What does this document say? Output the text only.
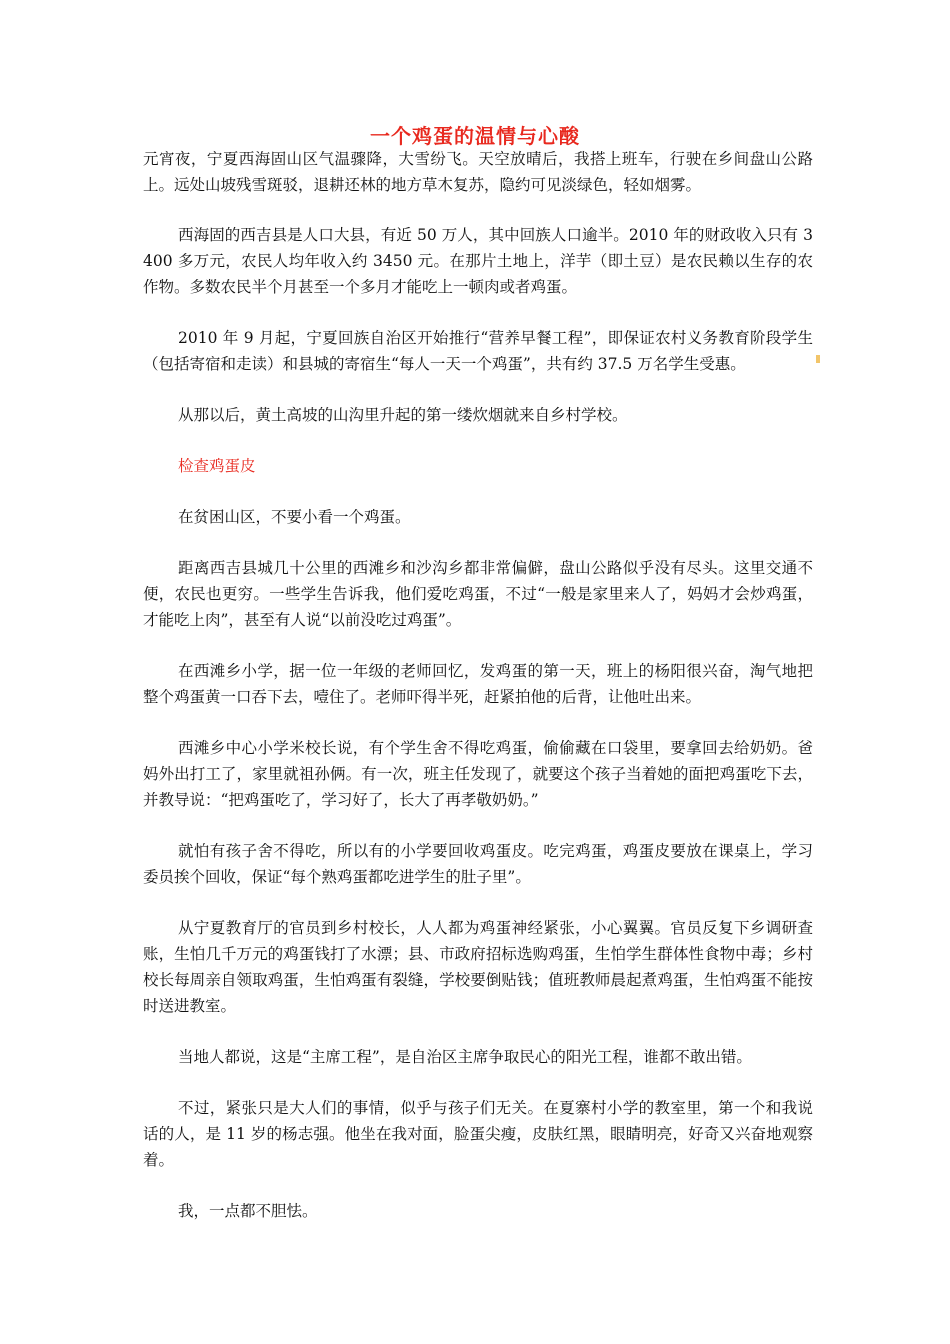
一个鸡蛋的温情与心酸

元宵夜，宁夏西海固山区气温骤降，大雪纷飞。天空放晴后，我搭上班车，行驶在乡间盘山公路上。远处山坡残雪斑驳，退耕还林的地方草木复苏，隐约可见淡绿色，轻如烟雾。

西海固的西吉县是人口大县，有近 50 万人，其中回族人口逾半。2010 年的财政收入只有 3400 多万元，农民人均年收入约 3450 元。在那片土地上，洋芋（即土豆）是农民赖以生存的农作物。多数农民半个月甚至一个多月才能吃上一顿肉或者鸡蛋。

2010 年 9 月起，宁夏回族自治区开始推行“营养早餐工程”，即保证农村义务教育阶段学生（包括寄宿和走读）和县城的寄宿生“每人一天一个鸡蛋”，共有约 37.5 万名学生受惠。

从那以后，黄土高坡的山沟里升起的第一缕炊烟就来自乡村学校。

检查鸡蛋皮

在贫困山区，不要小看一个鸡蛋。

距离西吉县城几十公里的西滩乡和沙沟乡都非常偏僻，盘山公路似乎没有尽头。这里交通不便，农民也更穷。一些学生告诉我，他们爱吃鸡蛋，不过“一般是家里来人了，妈妈才会炒鸡蛋，才能吃上肉”，甚至有人说“以前没吃过鸡蛋”。

在西滩乡小学，据一位一年级的老师回忆，发鸡蛋的第一天，班上的杨阳很兴奋，淘气地把整个鸡蛋黄一口吞下去，噎住了。老师吓得半死，赶紧拍他的后背，让他吐出来。

西滩乡中心小学米校长说，有个学生舍不得吃鸡蛋，偷偷藏在口袋里，要拿回去给奶奶。爸妈外出打工了，家里就祖孙俩。有一次，班主任发现了，就要这个孩子当着她的面把鸡蛋吃下去，并教导说：“把鸡蛋吃了，学习好了，长大了再孝敬奶奶。”

就怕有孩子舍不得吃，所以有的小学要回收鸡蛋皮。吃完鸡蛋，鸡蛋皮要放在课桌上，学习委员挨个回收，保证“每个熟鸡蛋都吃进学生的肚子里”。

从宁夏教育厅的官员到乡村校长，人人都为鸡蛋神经紧张，小心翼翼。官员反复下乡调研查账，生怕几千万元的鸡蛋钱打了水漂；县、市政府招标选购鸡蛋，生怕学生群体性食物中毒；乡村校长每周亲自领取鸡蛋，生怕鸡蛋有裂缝，学校要倒贴钱；值班教师晨起煮鸡蛋，生怕鸡蛋不能按时送进教室。

当地人都说，这是“主席工程”，是自治区主席争取民心的阳光工程，谁都不敢出错。

不过，紧张只是大人们的事情，似乎与孩子们无关。在夏寨村小学的教室里，第一个和我说话的人，是 11 岁的杨志强。他坐在我对面，脸蛋尖瘦，皮肤红黑，眼睛明亮，好奇又兴奋地观察着。

我，一点都不胆怯。
